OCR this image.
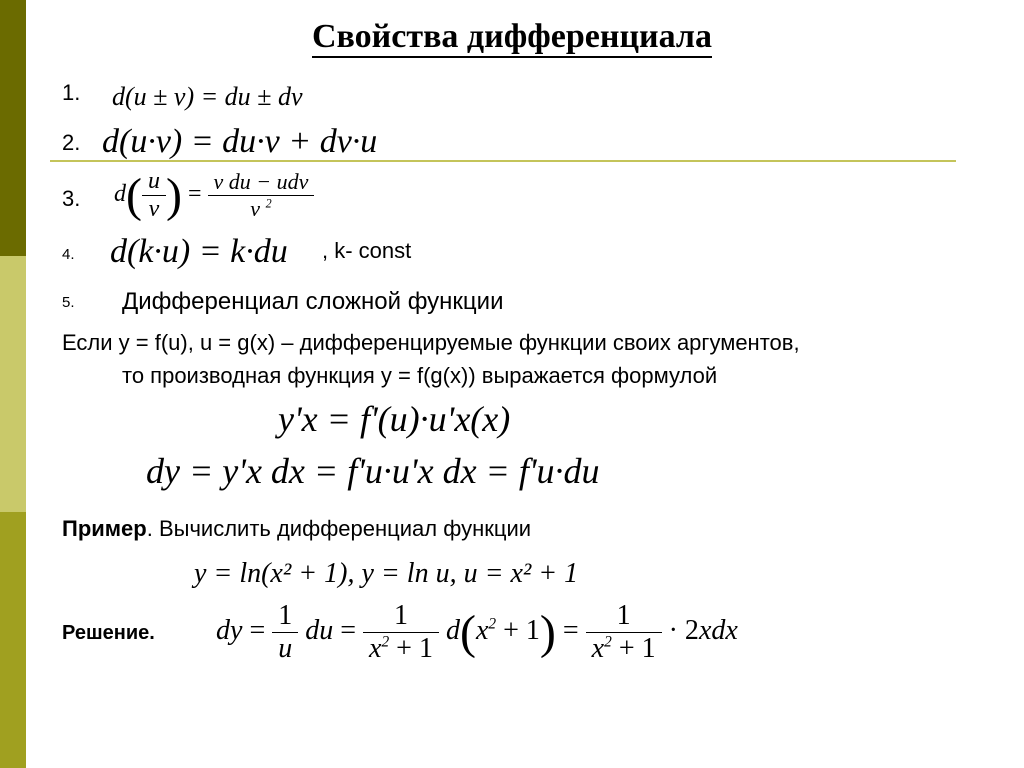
Свойства дифференциала
1. d(u ± v) = du ± dv
2. d(u·v) = du·v + dv·u
3. $d( \frac{u}{v}$ ) = $\frac{\text{v du − udv}}{v ^2}$
4. d(k·u) = k·du , k- const
5. Дифференциал сложной функции
Если y = f(u), u = g(x) – дифференцируемые функции своих аргументов,
то производная функция y = f(g(x)) выражается формулой
y'x = f'(u)·u'x(x)
dy = y'x dx = f'u·u'x dx = f'u·du
Пример. Вычислить дифференциал функции
y = ln(x² + 1), y = ln u, u = x² + 1
Решение. dy = $\frac{1}{u}$ du = $\frac{1}{x^2 + 1} d(x^2 + 1) = \frac{1}{x^2 + 1} \cdot 2xdx$
